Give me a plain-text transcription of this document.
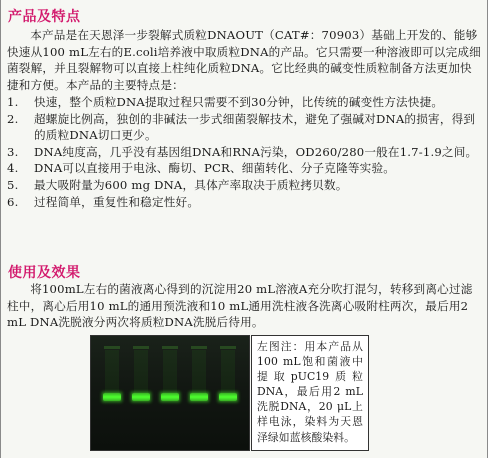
产品及特点

本产品是在天恩泽一步裂解式质粒DNAOUT（CAT#：70903）基础上开发的、能够快速从100 mL左右的E.coli培养液中取质粒DNA的产品。它只需要一种溶液即可以完成细菌裂解，并且裂解物可以直接上柱纯化质粒DNA。它比经典的碱变性质粒制备方法更加快捷和方便。本产品的主要特点是：

1.	快速，整个质粒DNA提取过程只需要不到30分钟，比传统的碱变性方法快捷。
2.	超螺旋比例高，独创的非碱法一步式细菌裂解技术，避免了强碱对DNA的损害，得到的质粒DNA切口更少。
3.	DNA纯度高，几乎没有基因组DNA和RNA污染，OD260/280一般在1.7-1.9之间。
4.	DNA可以直接用于电泳、酶切、PCR、细菌转化、分子克隆等实验。
5.	最大吸附量为600 mg DNA，具体产率取决于质粒拷贝数。
6.	过程简单，重复性和稳定性好。
使用及效果

将100mL左右的菌液离心得到的沉淀用20 mL溶液A充分吹打混匀，转移到离心过滤柱中，离心后用10 mL的通用预洗液和10 mL通用洗柱液各洗离心吸附柱两次，最后用2 mL DNA洗脱液分两次将质粒DNA洗脱后待用。

左图注：用本产品从100 mL饱和菌液中提取pUC19质粒DNA，最后用2 mL洗脱DNA，20 μL上样电泳，染料为天恩泽绿如蓝核酸染料。
